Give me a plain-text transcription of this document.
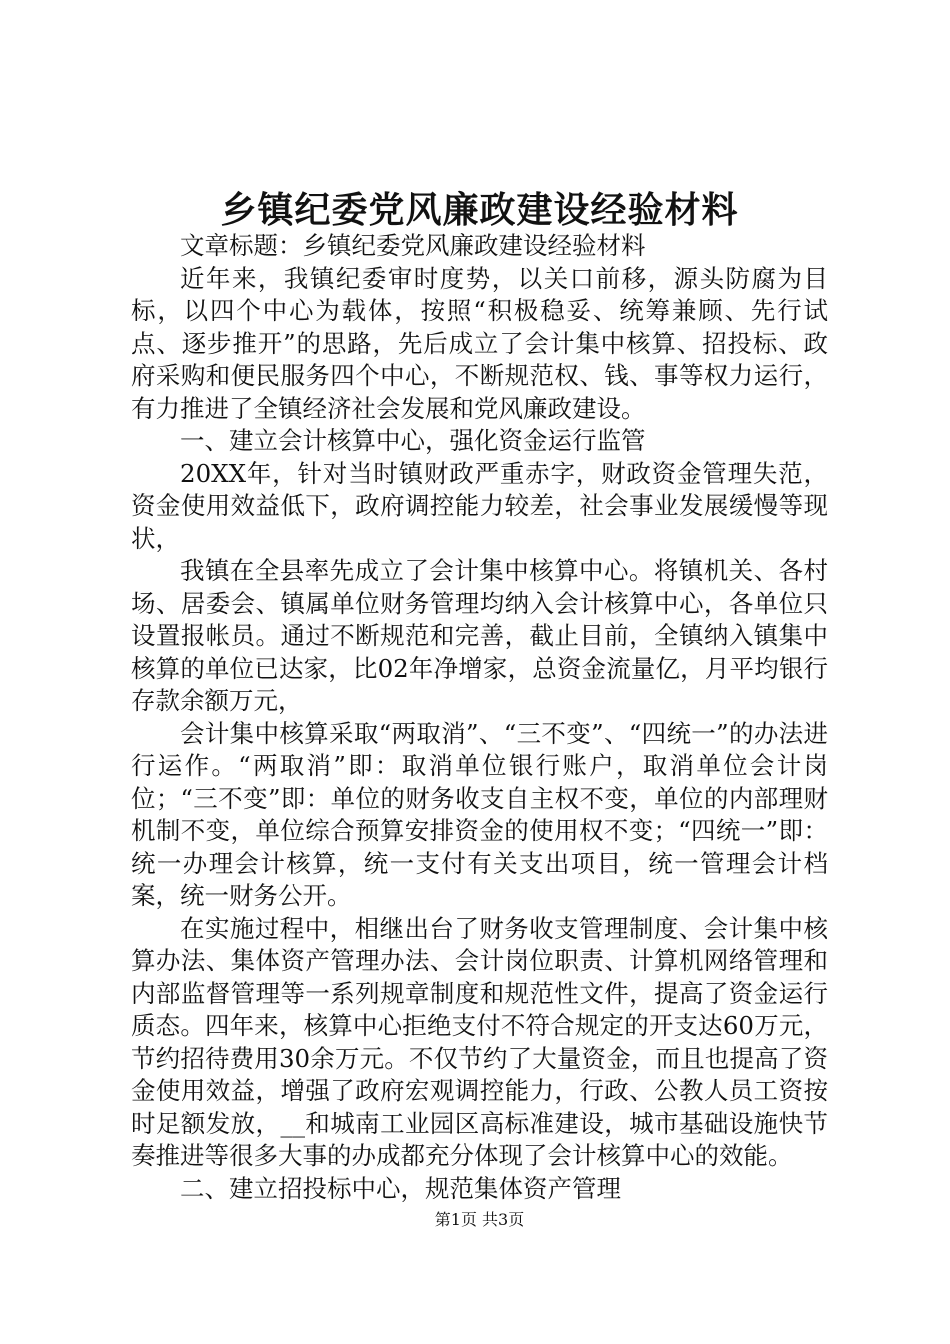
乡镇纪委党风廉政建设经验材料

文章标题：乡镇纪委党风廉政建设经验材料

近年来，我镇纪委审时度势，以关口前移，源头防腐为目标，以四个中心为载体，按照“积极稳妥、统筹兼顾、先行试点、逐步推开”的思路，先后成立了会计集中核算、招投标、政府采购和便民服务四个中心，不断规范权、钱、事等权力运行，有力推进了全镇经济社会发展和党风廉政建设。

一、建立会计核算中心，强化资金运行监管

20XX年，针对当时镇财政严重赤字，财政资金管理失范，资金使用效益低下，政府调控能力较差，社会事业发展缓慢等现状，

我镇在全县率先成立了会计集中核算中心。将镇机关、各村场、居委会、镇属单位财务管理均纳入会计核算中心，各单位只设置报帐员。通过不断规范和完善，截止目前，全镇纳入镇集中核算的单位已达家，比02年净增家，总资金流量亿，月平均银行存款余额万元，

会计集中核算采取“两取消”、“三不变”、“四统一”的办法进行运作。“两取消”即：取消单位银行账户，取消单位会计岗位；“三不变”即：单位的财务收支自主权不变，单位的内部理财机制不变，单位综合预算安排资金的使用权不变；“四统一”即：统一办理会计核算，统一支付有关支出项目，统一管理会计档案，统一财务公开。

在实施过程中，相继出台了财务收支管理制度、会计集中核算办法、集体资产管理办法、会计岗位职责、计算机网络管理和内部监督管理等一系列规章制度和规范性文件，提高了资金运行质态。四年来，核算中心拒绝支付不符合规定的开支达60万元，节约招待费用30余万元。不仅节约了大量资金，而且也提高了资金使用效益，增强了政府宏观调控能力，行政、公教人员工资按时足额发放，__和城南工业园区高标准建设，城市基础设施快节奏推进等很多大事的办成都充分体现了会计核算中心的效能。

二、建立招投标中心，规范集体资产管理

第1页 共3页
